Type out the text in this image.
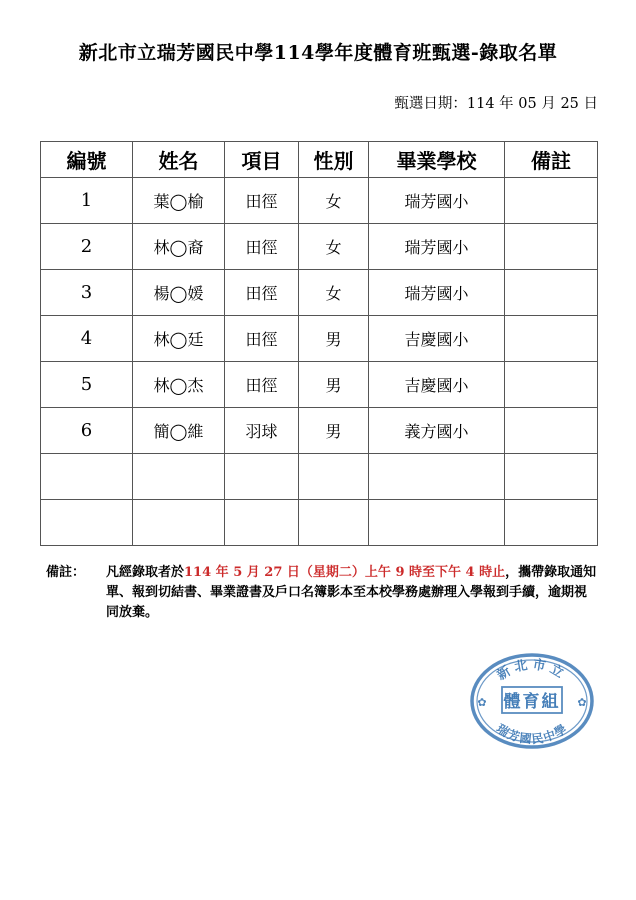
新北市立瑞芳國民中學114學年度體育班甄選-錄取名單
甄選日期：114 年 05 月 25 日
編號	姓名	項目	性別	畢業學校	備註
1	葉◯榆	田徑	女	瑞芳國小	
2	林◯裔	田徑	女	瑞芳國小	
3	楊◯媛	田徑	女	瑞芳國小	
4	林◯廷	田徑	男	吉慶國小	
5	林◯杰	田徑	男	吉慶國小	
6	簡◯維	羽球	男	義方國小	

備註： 凡經錄取者於114 年 5 月 27 日（星期二）上午 9 時至下午 4 時止，攜帶錄取通知單、報到切結書、畢業證書及戶口名簿影本至本校學務處辦理入學報到手續，逾期視同放棄。
新北市立
體育組
瑞芳國民中學
✿	✿
